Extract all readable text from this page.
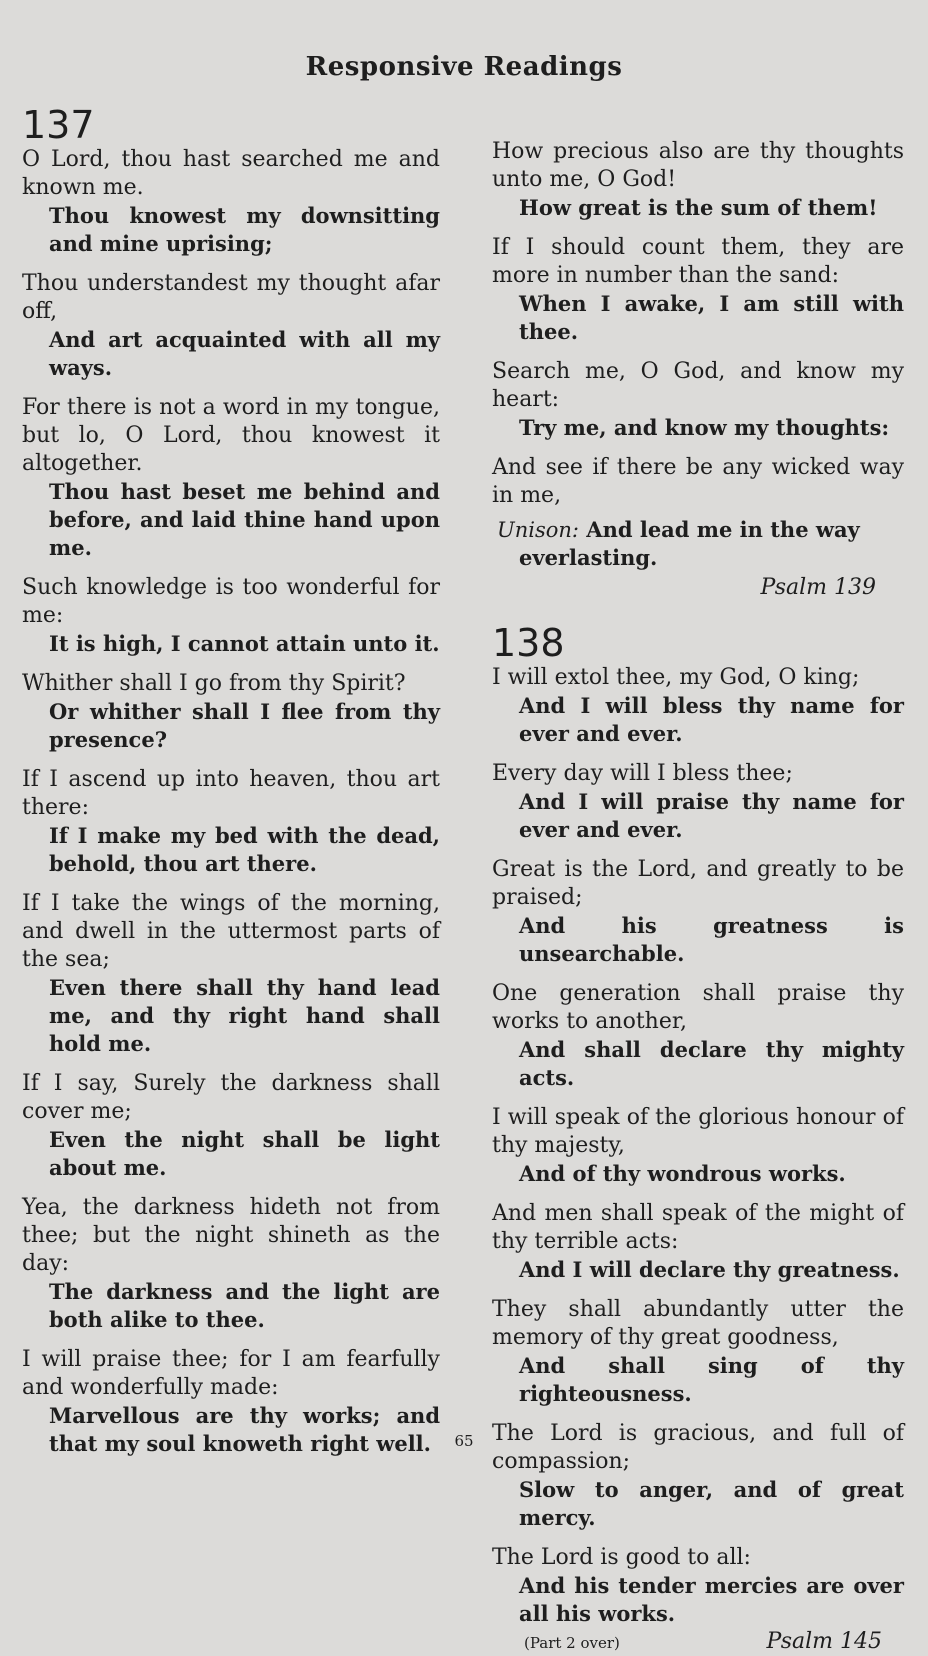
Responsive Readings
137
O Lord, thou hast searched me and known me.
Thou knowest my downsitting and mine uprising;
Thou understandest my thought afar off,
And art acquainted with all my ways.
For there is not a word in my tongue, but lo, O Lord, thou knowest it altogether.
Thou hast beset me behind and before, and laid thine hand upon me.
Such knowledge is too wonderful for me:
It is high, I cannot attain unto it.
Whither shall I go from thy Spirit?
Or whither shall I flee from thy presence?
If I ascend up into heaven, thou art there:
If I make my bed with the dead, behold, thou art there.
If I take the wings of the morning, and dwell in the uttermost parts of the sea;
Even there shall thy hand lead me, and thy right hand shall hold me.
If I say, Surely the darkness shall cover me;
Even the night shall be light about me.
Yea, the darkness hideth not from thee; but the night shineth as the day:
The darkness and the light are both alike to thee.
I will praise thee; for I am fearfully and wonderfully made:
Marvellous are thy works; and that my soul knoweth right well.
How precious also are thy thoughts unto me, O God!
How great is the sum of them!
If I should count them, they are more in number than the sand:
When I awake, I am still with thee.
Search me, O God, and know my heart:
Try me, and know my thoughts:
And see if there be any wicked way in me,
Unison: And lead me in the way everlasting.
Psalm 139
138
I will extol thee, my God, O king;
And I will bless thy name for ever and ever.
Every day will I bless thee;
And I will praise thy name for ever and ever.
Great is the Lord, and greatly to be praised;
And his greatness is unsearchable.
One generation shall praise thy works to another,
And shall declare thy mighty acts.
I will speak of the glorious honour of thy majesty,
And of thy wondrous works.
And men shall speak of the might of thy terrible acts:
And I will declare thy greatness.
They shall abundantly utter the memory of thy great goodness,
And shall sing of thy righteousness.
The Lord is gracious, and full of compassion;
Slow to anger, and of great mercy.
The Lord is good to all:
And his tender mercies are over all his works.
(Part 2 over)	Psalm 145
65
